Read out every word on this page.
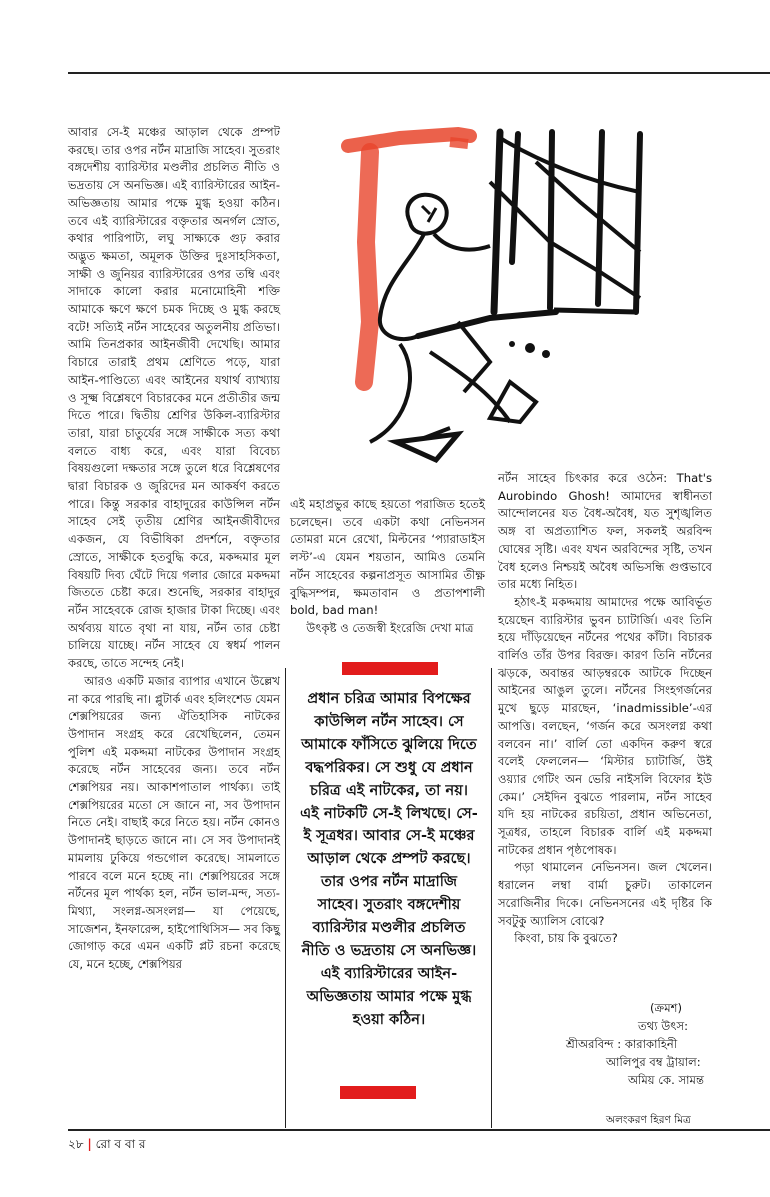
আবার সে-ই মঞ্চের আড়াল থেকে প্রম্পট করছে। তার ওপর নর্টন মাদ্রাজি সাহেব। সুতরাং বঙ্গদেশীয় ব্যারিস্টার মণ্ডলীর প্রচলিত নীতি ও ভদ্রতায় সে অনভিজ্ঞ। এই ব্যারিস্টারের আইন-অভিজ্ঞতায় আমার পক্ষে মুগ্ধ হওয়া কঠিন। তবে এই ব্যারিস্টারের বক্তৃতার অনর্গল স্রোত, কথার পারিপাট্য, লঘু সাক্ষ্যকে গুঢ় করার অদ্ভুত ক্ষমতা, অমূলক উক্তির দুঃসাহসিকতা, সাক্ষী ও জুনিয়র ব্যারিস্টারের ওপর তম্বি এবং সাদাকে কালো করার মনোমোহিনী শক্তি আমাকে ক্ষণে ক্ষণে চমক দিচ্ছে ও মুগ্ধ করছে বটে! সত্যিই নর্টন সাহেবের অতুলনীয় প্রতিভা। আমি তিনপ্রকার আইনজীবী দেখেছি। আমার বিচারে তারাই প্রথম শ্রেণিতে পড়ে, যারা আইন-পাণ্ডিত্যে এবং আইনের যথার্থ ব্যাখ্যায় ও সূক্ষ্ম বিশ্লেষণে বিচারকের মনে প্রতীতীর জন্ম দিতে পারে। দ্বিতীয় শ্রেণির উকিল-ব্যারিস্টার তারা, যারা চাতুর্যের সঙ্গে সাক্ষীকে সত্য কথা বলতে বাধ্য করে, এবং যারা বিবেচ্য বিষয়গুলো দক্ষতার সঙ্গে তুলে ধরে বিশ্লেষণের দ্বারা বিচারক ও জুরিদের মন আকর্ষণ করতে পারে। কিন্তু সরকার বাহাদুরের কাউন্সিল নর্টন সাহেব সেই তৃতীয় শ্রেণির আইনজীবীদের একজন, যে বিভীষিকা প্রদর্শনে, বক্তৃতার স্রোতে, সাক্ষীকে হতবুদ্ধি করে, মকদ্দমার মূল বিষয়টি দিব্য ঘেঁটে দিয়ে গলার জোরে মকদ্দমা জিততে চেষ্টা করে। শুনেছি, সরকার বাহাদুর নর্টন সাহেবকে রোজ হাজার টাকা দিচ্ছে। এবং অর্থব্যয় যাতে বৃথা না যায়, নর্টন তার চেষ্টা চালিয়ে যাচ্ছে। নর্টন সাহেব যে স্বধর্ম পালন করছে, তাতে সন্দেহ নেই।

আরও একটি মজার ব্যাপার এখানে উল্লেখ না করে পারছি না। প্লুটার্ক এবং হলিংশেড যেমন শেক্সপিয়রের জন্য ঐতিহাসিক নাটকের উপাদান সংগ্রহ করে রেখেছিলেন, তেমন পুলিশ এই মকদ্দমা নাটকের উপাদান সংগ্রহ করেছে নর্টন সাহেবের জন্য। তবে নর্টন শেক্সপিয়র নয়। আকাশপাতাল পার্থক্য। তাই শেক্সপিয়রের মতো সে জানে না, সব উপাদান নিতে নেই। বাছাই করে নিতে হয়। নর্টন কোনও উপাদানই ছাড়তে জানে না। সে সব উপাদানই মামলায় ঢুকিয়ে গন্ডগোল করেছে। সামলাতে পারবে বলে মনে হচ্ছে না। শেক্সপিয়রের সঙ্গে নর্টনের মূল পার্থক্য হল, নর্টন ভাল-মন্দ, সত্য-মিথ্যা, সংলগ্ন-অসংলগ্ন— যা পেয়েছে, সাজেশন, ইনফারেন্স, হাইপোথিসিস— সব কিছু জোগাড় করে এমন একটি প্লট রচনা করেছে যে, মনে হচ্ছে, শেক্সপিয়র

এই মহাপ্রভুর কাছে হয়তো পরাজিত হতেই চলেছেন। তবে একটা কথা নেভিনসন তোমরা মনে রেখো, মিল্টনের ‘প্যারাডাইস লস্ট’-এ যেমন শয়তান, আমিও তেমনি নর্টন সাহেবের কল্পনাপ্রসূত আসামির তীক্ষ্ণ বুদ্ধিসম্পন্ন, ক্ষমতাবান ও প্রতাপশালী bold, bad man!

উৎকৃষ্ট ও তেজস্বী ইংরেজি দেখা মাত্র

প্রধান চরিত্র আমার বিপক্ষের কাউন্সিল নর্টন সাহেব। সে আমাকে ফাঁসিতে ঝুলিয়ে দিতে বদ্ধপরিকর। সে শুধু যে প্রধান চরিত্র এই নাটকের, তা নয়। এই নাটকটি সে-ই লিখছে। সে-ই সূত্রধর। আবার সে-ই মঞ্চের আড়াল থেকে প্রম্পট করছে। তার ওপর নর্টন মাদ্রাজি সাহেব। সুতরাং বঙ্গদেশীয় ব্যারিস্টার মণ্ডলীর প্রচলিত নীতি ও ভদ্রতায় সে অনভিজ্ঞ। এই ব্যারিস্টারের আইন-অভিজ্ঞতায় আমার পক্ষে মুগ্ধ হওয়া কঠিন।

নর্টন সাহেব চিৎকার করে ওঠেন: That's Aurobindo Ghosh! আমাদের স্বাধীনতা আন্দোলনের যত বৈধ-অবৈধ, যত সুশৃঙ্খলিত অঙ্গ বা অপ্রত্যাশিত ফল, সকলই অরবিন্দ ঘোষের সৃষ্টি। এবং যখন অরবিন্দের সৃষ্টি, তখন বৈধ হলেও নিশ্চয়ই অবৈধ অভিসন্ধি গুপ্তভাবে তার মধ্যে নিহিত।

হঠাৎ-ই মকদ্দমায় আমাদের পক্ষে আবির্ভূত হয়েছেন ব্যারিস্টার ভুবন চ্যাটার্জি। এবং তিনি হয়ে দাঁড়িয়েছেন নর্টনের পথের কাঁটা। বিচারক বার্লিও তাঁর উপর বিরক্ত। কারণ তিনি নর্টনের ঝড়কে, অবান্তর আড়ম্বরকে আটকে দিচ্ছেন আইনের আঙুল তুলে। নর্টনের সিংহগর্জনের মুখে ছুড়ে মারছেন, ‘inadmissible’-এর আপত্তি। বলছেন, ‘গর্জন করে অসংলগ্ন কথা বলবেন না।’ বার্লি তো একদিন করুণ স্বরে বলেই ফেললেন— ‘মিস্টার চ্যাটার্জি, উই ওয়্যার গেটিং অন ভেরি নাইসলি বিফোর ইউ কেম।’ সেইদিন বুঝতে পারলাম, নর্টন সাহেব যদি হয় নাটকের রচয়িতা, প্রধান অভিনেতা, সূত্রধর, তাহলে বিচারক বার্লি এই মকদ্দমা নাটকের প্রধান পৃষ্ঠপোষক।

পড়া থামালেন নেভিনসন। জল খেলেন। ধরালেন লম্বা বার্মা চুরুট। তাকালেন সরোজিনীর দিকে। নেভিনসনের এই দৃষ্টির কি সবটুকু অ্যালিস বোঝে?

কিংবা, চায় কি বুঝতে?

(ক্রমশ)
তথ্য উৎস:
শ্রীঅরবিন্দ : কারাকাহিনী
আলিপুর বম্ব ট্রায়াল:
অমিয় কে. সামন্ত
অলংকরণ হিরণ মিত্র
২৮ | রো ব বা র
